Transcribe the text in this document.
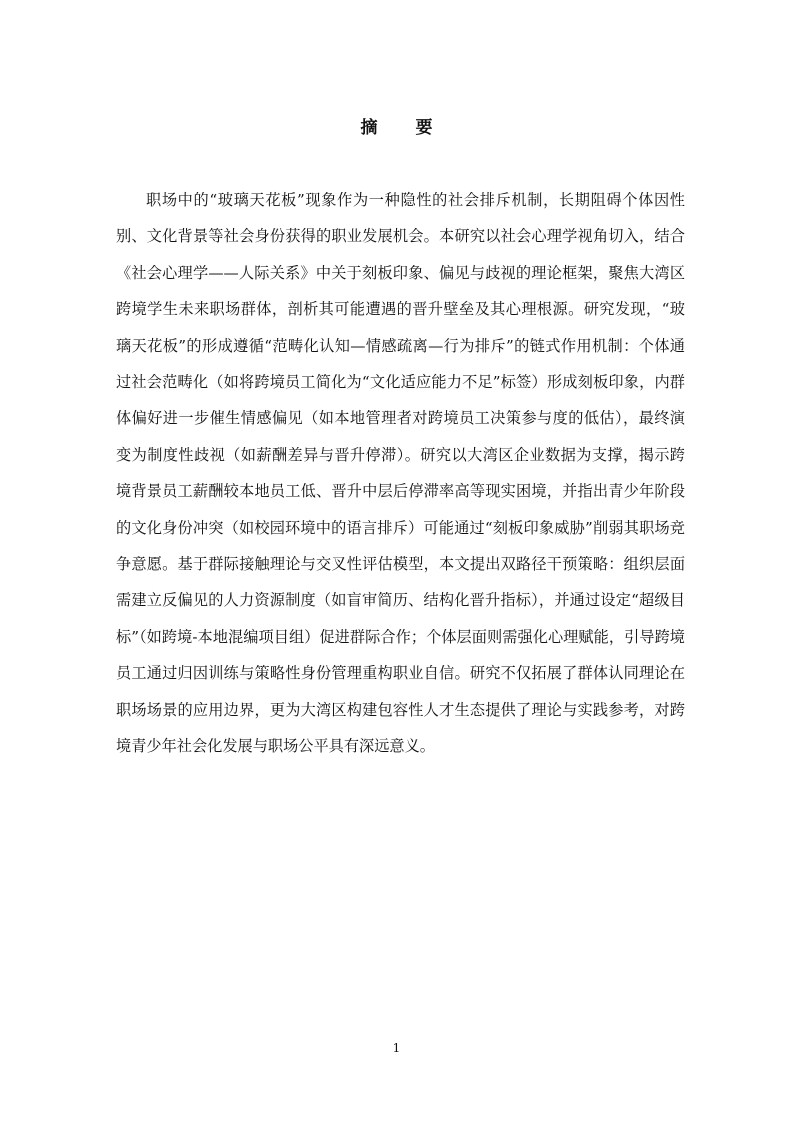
摘 要

职场中的“玻璃天花板”现象作为一种隐性的社会排斥机制，长期阻碍个体因性别、文化背景等社会身份获得的职业发展机会。本研究以社会心理学视角切入，结合《社会心理学——人际关系》中关于刻板印象、偏见与歧视的理论框架，聚焦大湾区跨境学生未来职场群体，剖析其可能遭遇的晋升壁垒及其心理根源。研究发现，“玻璃天花板”的形成遵循“范畴化认知—情感疏离—行为排斥”的链式作用机制：个体通过社会范畴化（如将跨境员工简化为“文化适应能力不足”标签）形成刻板印象，内群体偏好进一步催生情感偏见（如本地管理者对跨境员工决策参与度的低估），最终演变为制度性歧视（如薪酬差异与晋升停滞）。研究以大湾区企业数据为支撑，揭示跨境背景员工薪酬较本地员工低、晋升中层后停滞率高等现实困境，并指出青少年阶段的文化身份冲突（如校园环境中的语言排斥）可能通过“刻板印象威胁”削弱其职场竞争意愿。基于群际接触理论与交叉性评估模型，本文提出双路径干预策略：组织层面需建立反偏见的人力资源制度（如盲审简历、结构化晋升指标），并通过设定“超级目标”（如跨境-本地混编项目组）促进群际合作；个体层面则需强化心理赋能，引导跨境员工通过归因训练与策略性身份管理重构职业自信。研究不仅拓展了群体认同理论在职场场景的应用边界，更为大湾区构建包容性人才生态提供了理论与实践参考，对跨境青少年社会化发展与职场公平具有深远意义。

1
